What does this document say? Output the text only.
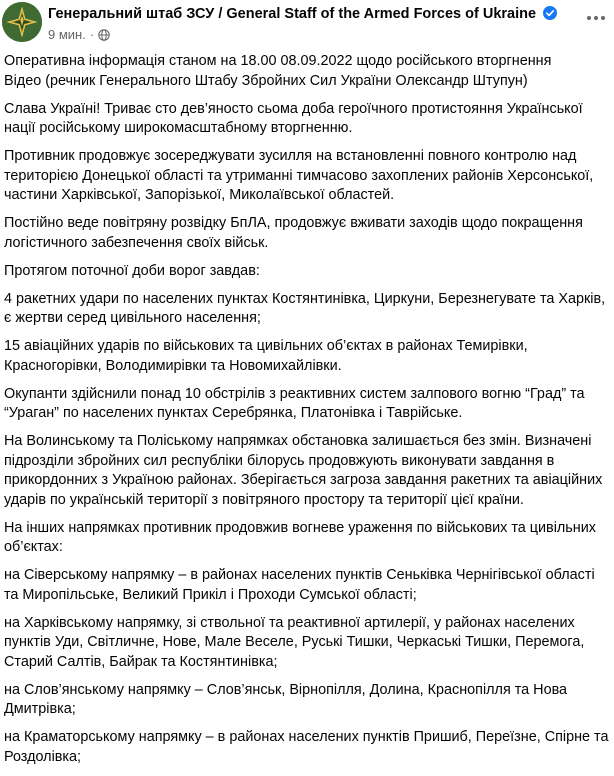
Генеральний штаб ЗСУ / General Staff of the Armed Forces of Ukraine
9 мин. ·

Оперативна інформація станом на 18.00 08.09.2022 щодо російського вторгнення
Відео (речник Генерального Штабу Збройних Сил України Олександр Штупун)

Слава Україні! Триває сто дев’яносто сьома доба героїчного протистояння Української нації російському широкомасштабному вторгненню.

Противник продовжує зосереджувати зусилля на встановленні повного контролю над територією Донецької області та утриманні тимчасово захоплених районів Херсонської, частини Харківської, Запорізької, Миколаївської областей.

Постійно веде повітряну розвідку БпЛА, продовжує вживати заходів щодо покращення логістичного забезпечення своїх військ.

Протягом поточної доби ворог завдав:

4 ракетних удари по населених пунктах Костянтинівка, Циркуни, Березнегувате та Харків, є жертви серед цивільного населення;

15 авіаційних ударів по військових та цивільних об’єктах в районах Темирівки, Красногорівки, Володимирівки та Новомихайлівки.

Окупанти здійснили понад 10 обстрілів з реактивних систем залпового вогню “Град” та “Ураган” по населених пунктах Серебрянка, Платонівка і Таврійське.

На Волинському та Поліському напрямках обстановка залишається без змін. Визначені підрозділи збройних сил республіки білорусь продовжують виконувати завдання в прикордонних з Україною районах. Зберігається загроза завдання ракетних та авіаційних ударів по українській території з повітряного простору та території цієї країни.

На інших напрямках противник продовжив вогневе ураження по військових та цивільних об’єктах:

на Сіверському напрямку – в районах населених пунктів Сеньківка Чернігівської області та Миропільське, Великий Прикіл і Проходи Сумської області;

на Харківському напрямку, зі ствольної та реактивної артилерії, у районах населених пунктів Уди, Світличне, Нове, Мале Веселе, Руські Тишки, Черкаські Тишки, Перемога, Старий Салтів, Байрак та Костянтинівка;

на Слов’янському напрямку – Слов’янськ, Вірнопілля, Долина, Краснопілля та Нова Дмитрівка;

на Краматорському напрямку – в районах населених пунктів Пришиб, Переїзне, Спірне та Роздолівка;
